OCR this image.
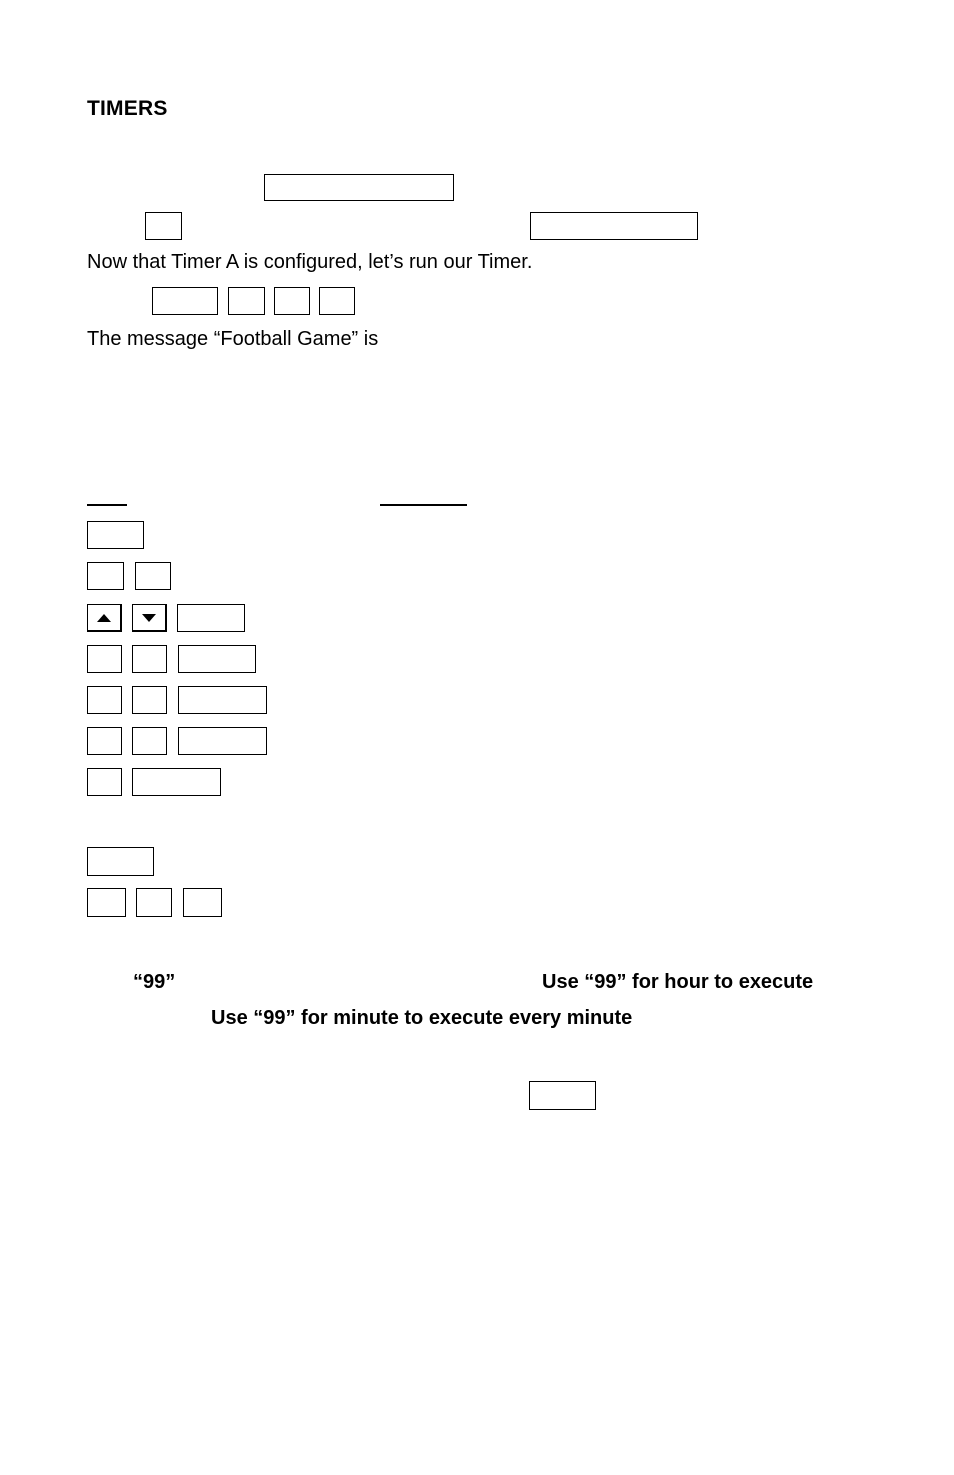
TIMERS
Now that Timer A is configured, let’s run our Timer.
The message “Football Game” is
“99”	Use “99” for hour to execute
Use “99” for minute to execute every minute
